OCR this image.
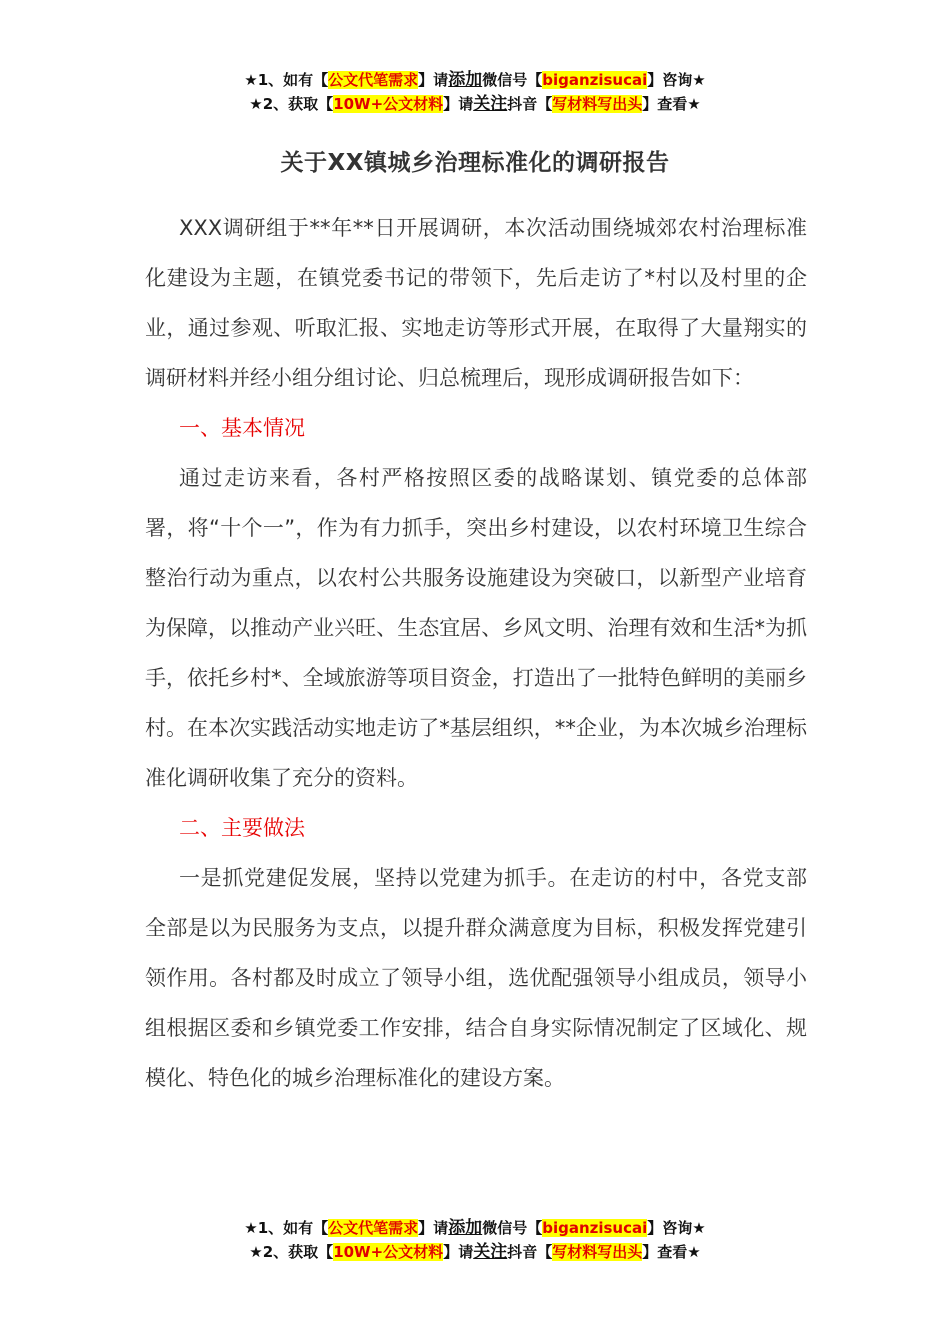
★1、如有【公文代笔需求】请添加微信号【biganzisucai】咨询★
★2、获取【10W+公文材料】请关注抖音【写材料写出头】查看★
关于XX镇城乡治理标准化的调研报告

XXX调研组于**年**日开展调研，本次活动围绕城郊农村治理标准化建设为主题，在镇党委书记的带领下，先后走访了*村以及村里的企业，通过参观、听取汇报、实地走访等形式开展，在取得了大量翔实的调研材料并经小组分组讨论、归总梳理后，现形成调研报告如下：

一、基本情况

通过走访来看，各村严格按照区委的战略谋划、镇党委的总体部署，将“十个一”，作为有力抓手，突出乡村建设，以农村环境卫生综合整治行动为重点，以农村公共服务设施建设为突破口，以新型产业培育为保障，以推动产业兴旺、生态宜居、乡风文明、治理有效和生活*为抓手，依托乡村*、全域旅游等项目资金，打造出了一批特色鲜明的美丽乡村。在本次实践活动实地走访了*基层组织，**企业，为本次城乡治理标准化调研收集了充分的资料。

二、主要做法

一是抓党建促发展，坚持以党建为抓手。在走访的村中，各党支部全部是以为民服务为支点，以提升群众满意度为目标，积极发挥党建引领作用。各村都及时成立了领导小组，选优配强领导小组成员，领导小组根据区委和乡镇党委工作安排，结合自身实际情况制定了区域化、规模化、特色化的城乡治理标准化的建设方案。

★1、如有【公文代笔需求】请添加微信号【biganzisucai】咨询★
★2、获取【10W+公文材料】请关注抖音【写材料写出头】查看★
